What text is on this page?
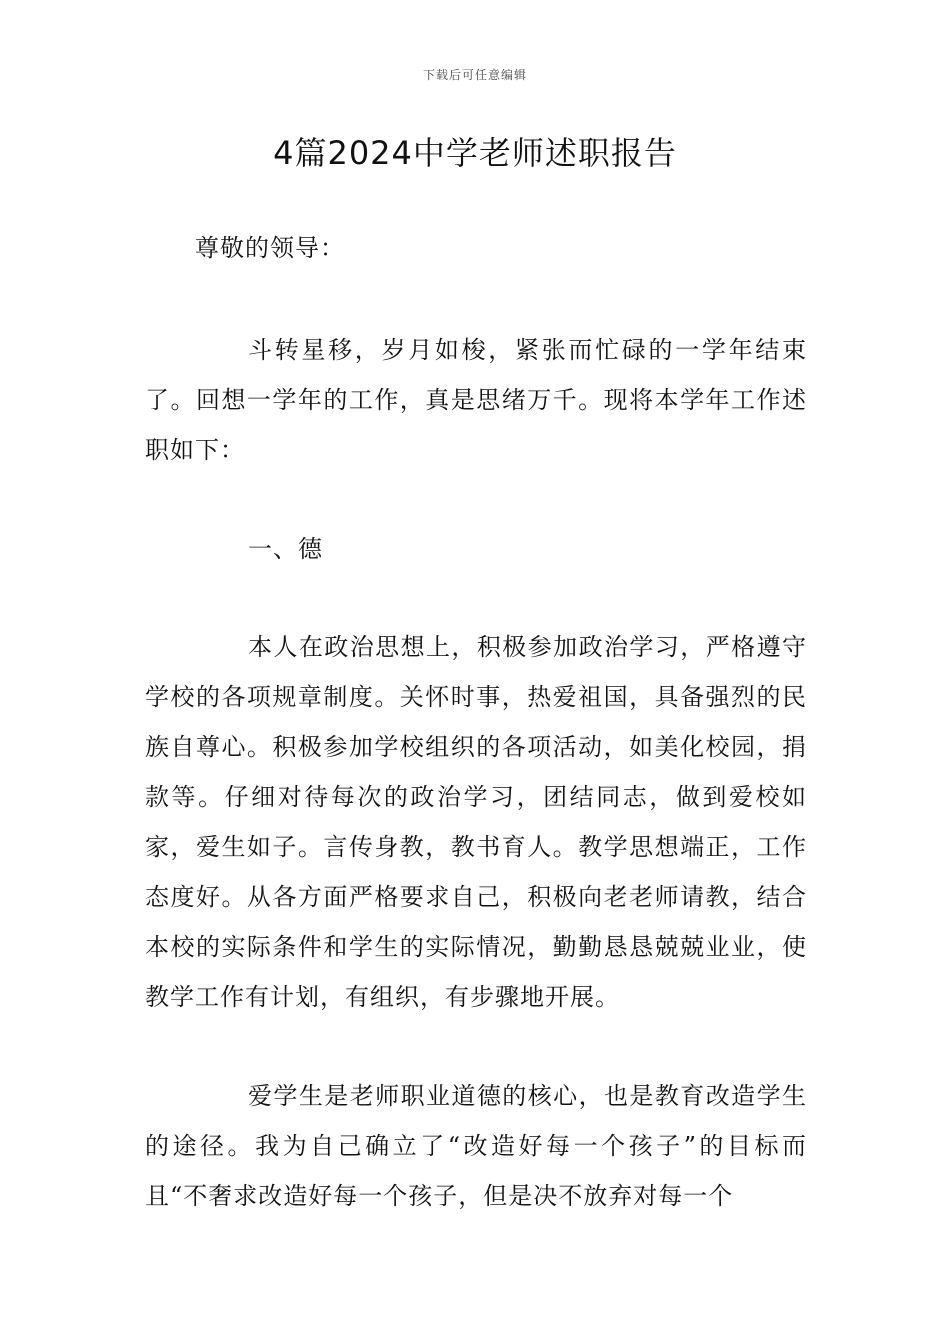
下载后可任意编辑
4篇2024中学老师述职报告

尊敬的领导：

斗转星移，岁月如梭，紧张而忙碌的一学年结束了。回想一学年的工作，真是思绪万千。现将本学年工作述职如下：

一、德

本人在政治思想上，积极参加政治学习，严格遵守学校的各项规章制度。关怀时事，热爱祖国，具备强烈的民族自尊心。积极参加学校组织的各项活动，如美化校园，捐款等。仔细对待每次的政治学习，团结同志，做到爱校如家，爱生如子。言传身教，教书育人。教学思想端正，工作态度好。从各方面严格要求自己，积极向老老师请教，结合本校的实际条件和学生的实际情况，勤勤恳恳兢兢业业，使教学工作有计划，有组织，有步骤地开展。

爱学生是老师职业道德的核心，也是教育改造学生的途径。我为自己确立了“改造好每一个孩子”的目标而且“不奢求改造好每一个孩子，但是决不放弃对每一个
